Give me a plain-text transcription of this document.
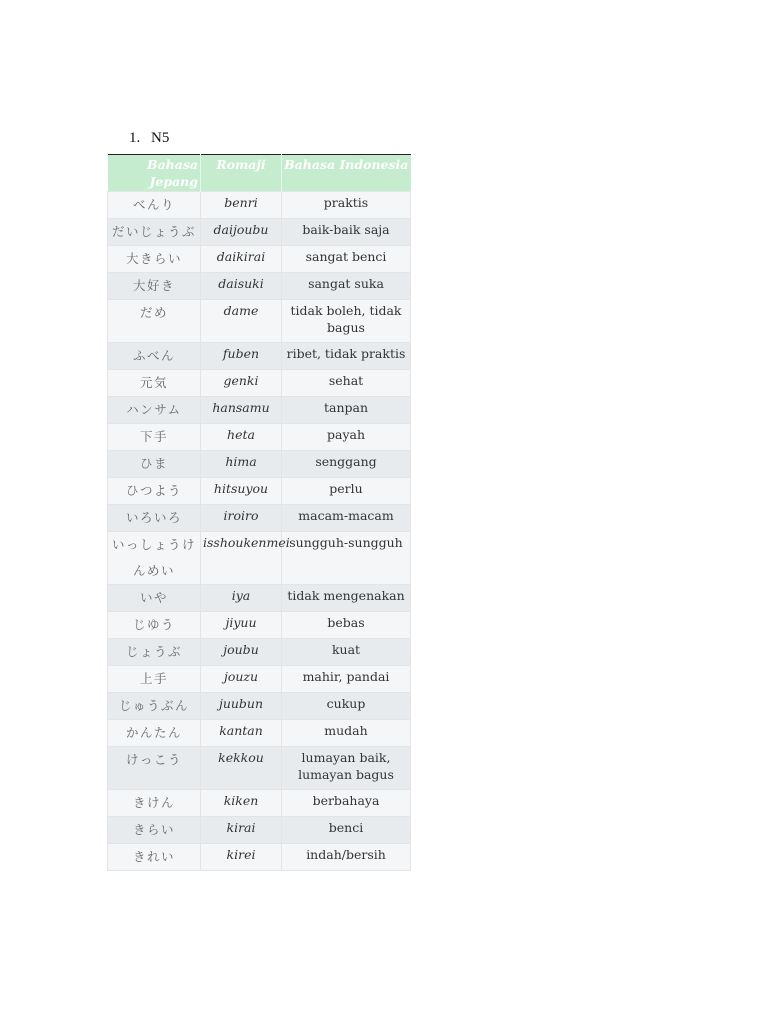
1. N5
Bahasa Jepang	Romaji	Bahasa Indonesia
べんり	benri	praktis
だいじょうぶ	daijoubu	baik-baik saja
大きらい	daikirai	sangat benci
大好き	daisuki	sangat suka
だめ	dame	tidak boleh, tidak bagus
ふべん	fuben	ribet, tidak praktis
元気	genki	sehat
ハンサム	hansamu	tanpan
下手	heta	payah
ひま	hima	senggang
ひつよう	hitsuyou	perlu
いろいろ	iroiro	macam-macam
いっしょうけんめい	isshoukenmei	sungguh-sungguh
いや	iya	tidak mengenakan
じゆう	jiyuu	bebas
じょうぶ	joubu	kuat
上手	jouzu	mahir, pandai
じゅうぶん	juubun	cukup
かんたん	kantan	mudah
けっこう	kekkou	lumayan baik, lumayan bagus
きけん	kiken	berbahaya
きらい	kirai	benci
きれい	kirei	indah/bersih
